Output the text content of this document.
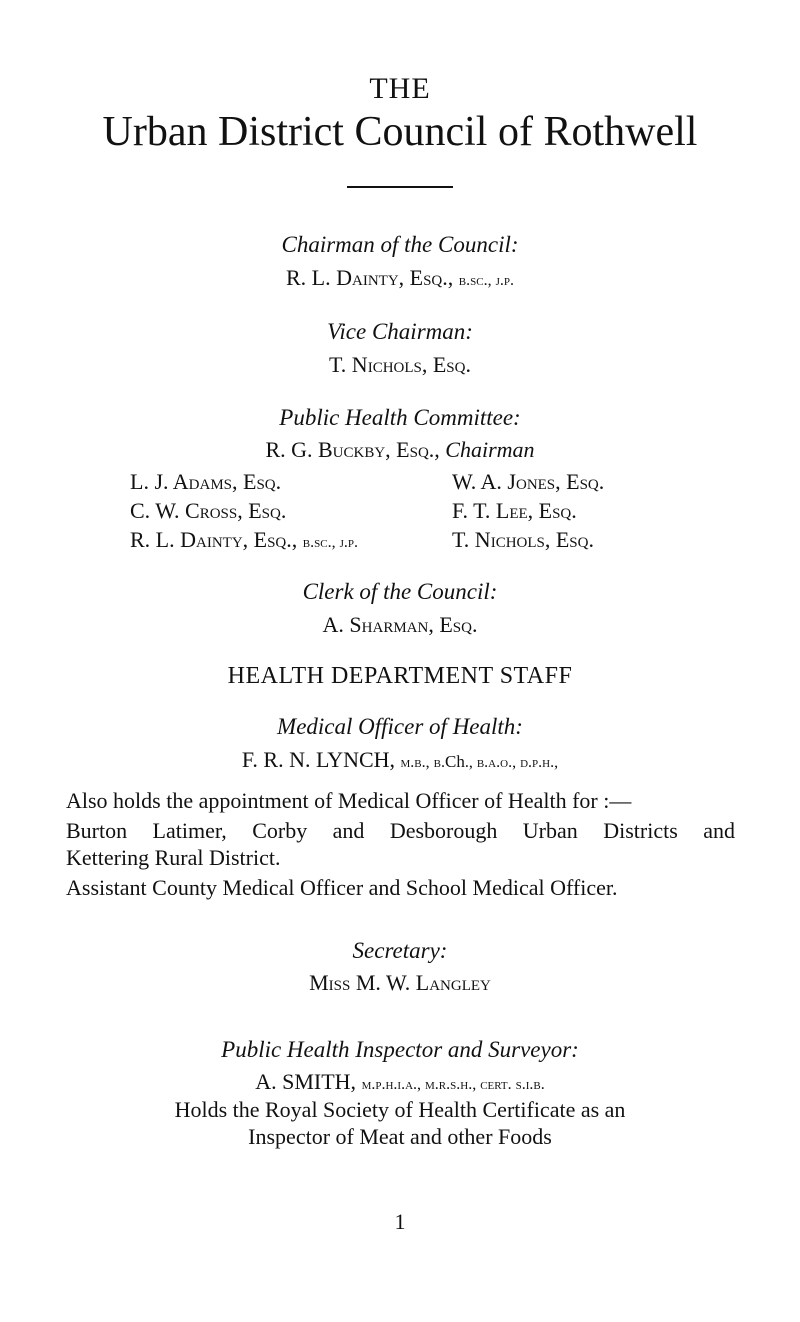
THE
Urban District Council of Rothwell
Chairman of the Council:
R. L. Dainty, Esq., b.sc., j.p.
Vice Chairman:
T. Nichols, Esq.
Public Health Committee:
R. G. Buckby, Esq., Chairman
L. J. Adams, Esq.	W. A. Jones, Esq.
C. W. Cross, Esq.	F. T. Lee, Esq.
R. L. Dainty, Esq., b.sc., j.p.	T. Nichols, Esq.
Clerk of the Council:
A. Sharman, Esq.
HEALTH DEPARTMENT STAFF
Medical Officer of Health:
F. R. N. LYNCH, m.b., b.Ch., b.a.o., d.p.h.,
Also holds the appointment of Medical Officer of Health for :—
Burton Latimer, Corby and Desborough Urban Districts and
Kettering Rural District.
Assistant County Medical Officer and School Medical Officer.
Secretary:
Miss M. W. Langley
Public Health Inspector and Surveyor:
A. SMITH, m.p.h.i.a., m.r.s.h., cert. s.i.b.
Holds the Royal Society of Health Certificate as an
Inspector of Meat and other Foods
1
